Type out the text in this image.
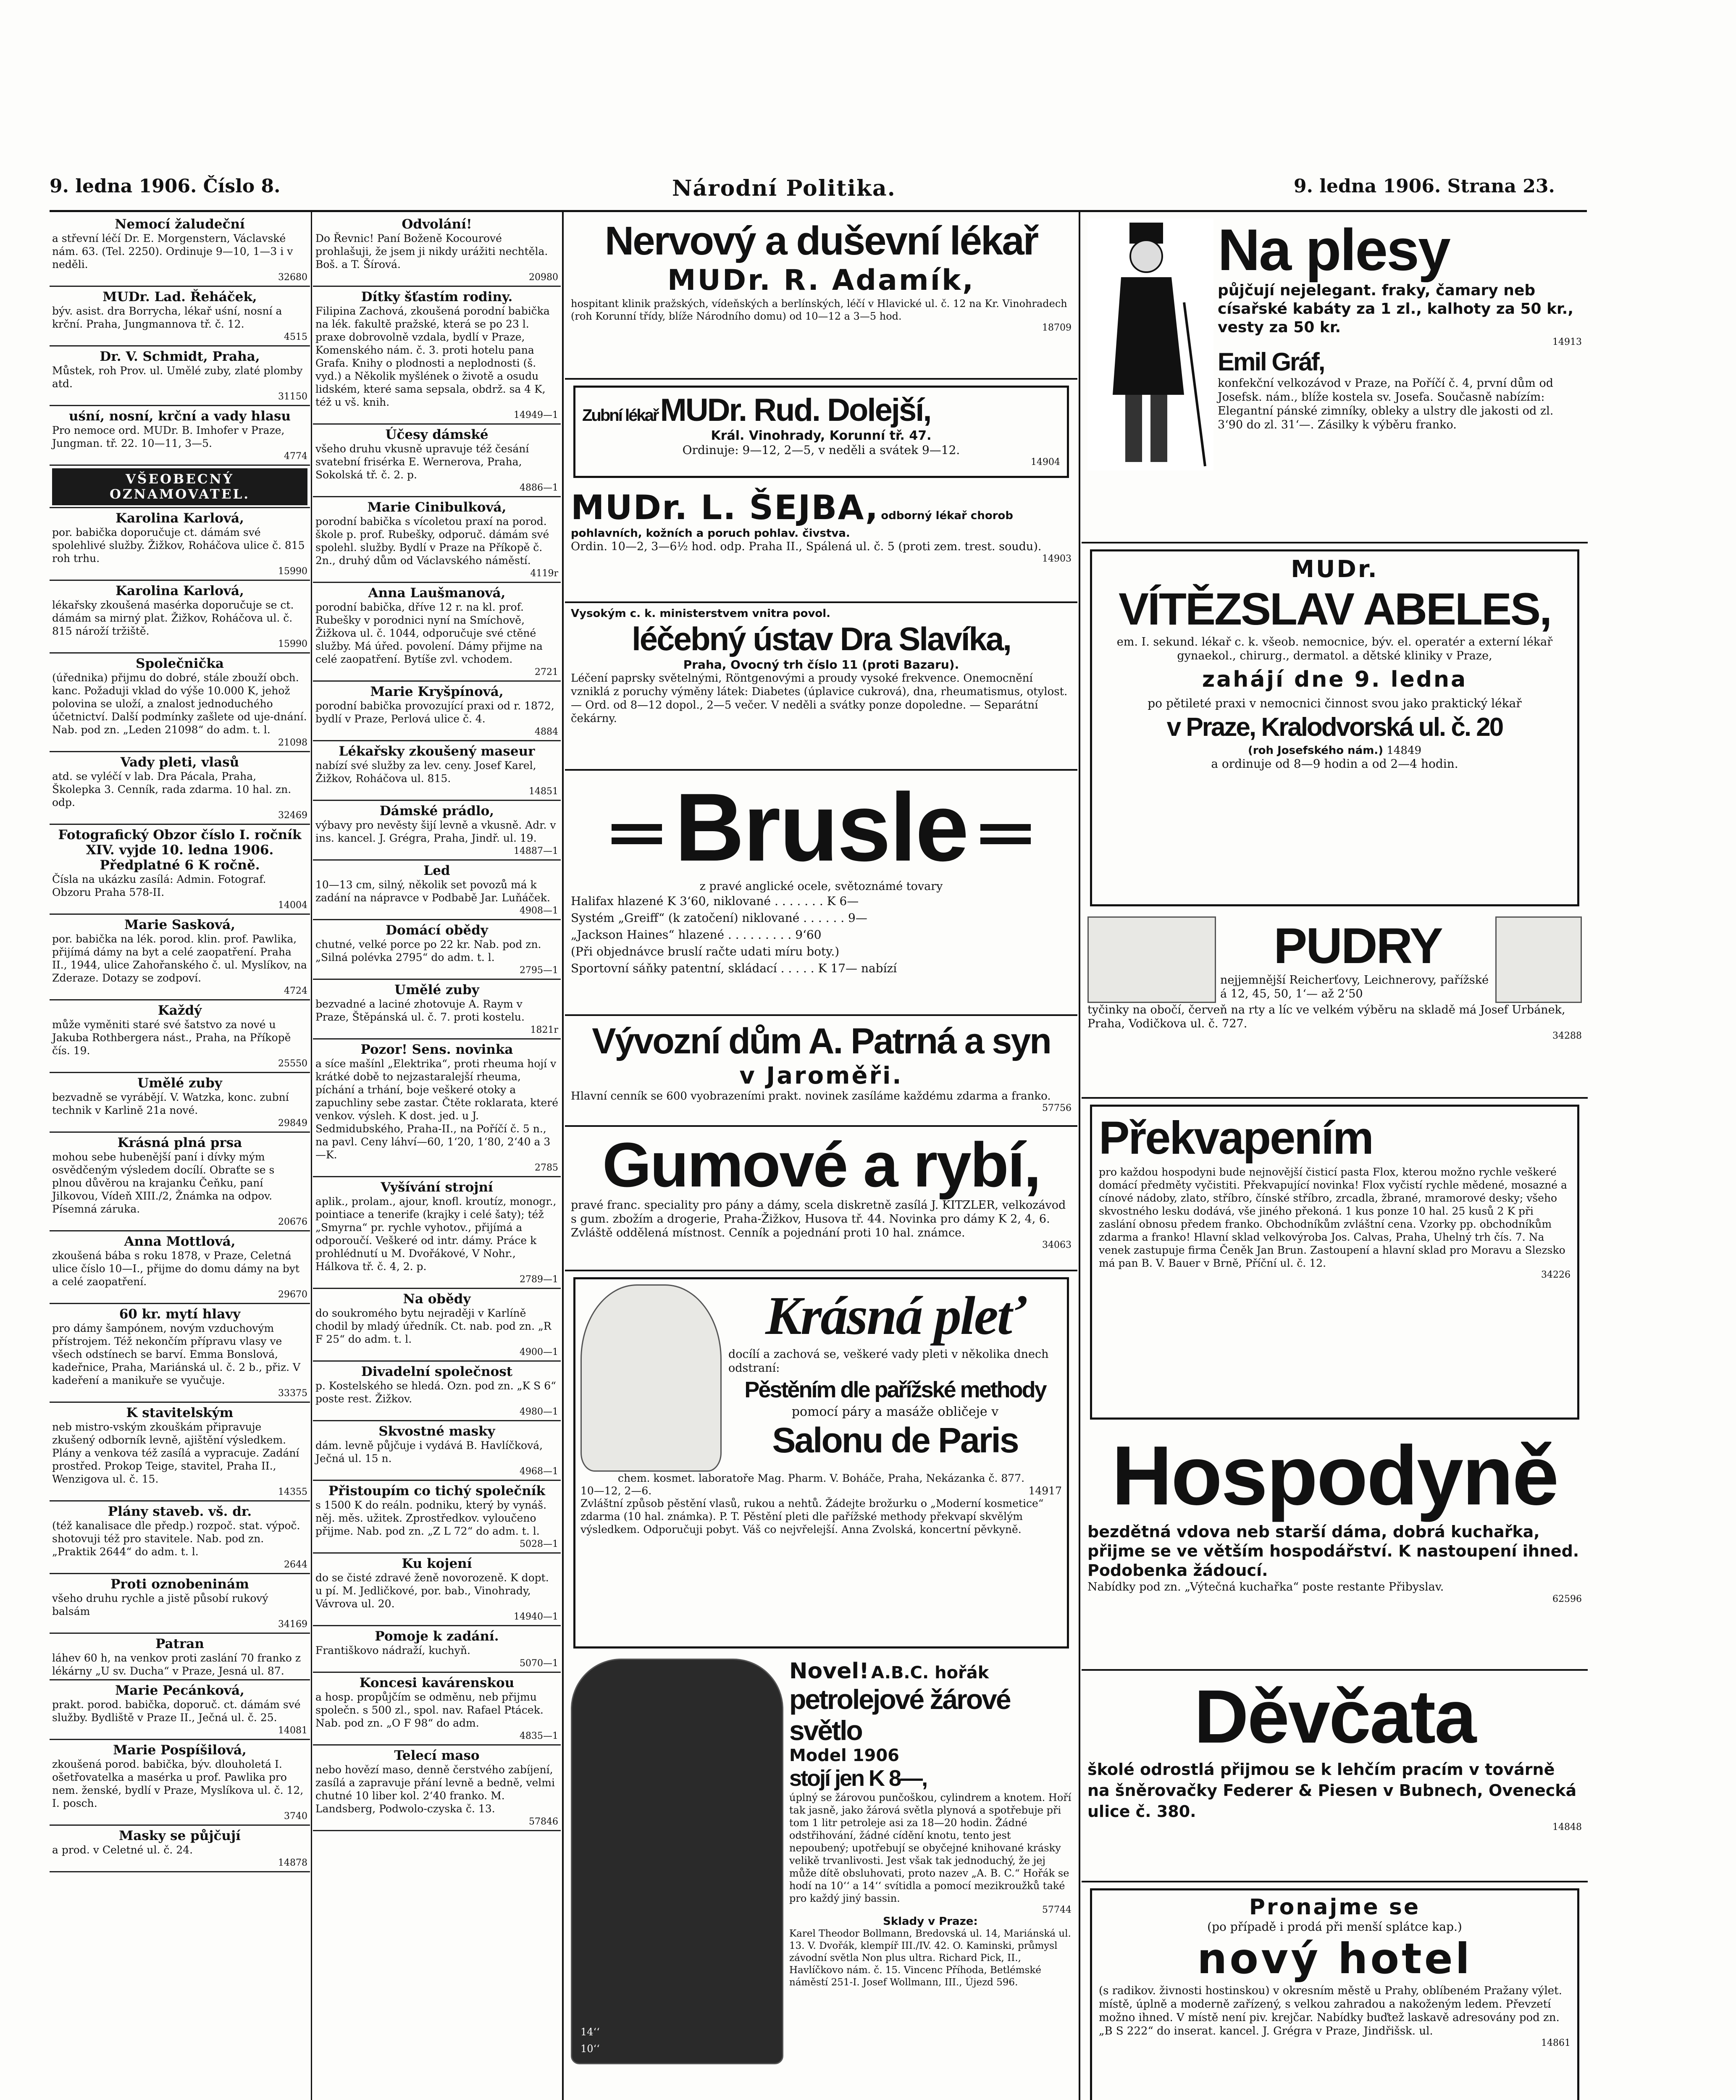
9. ledna 1906. Číslo 8.	Národní Politika.	9. ledna 1906. Strana 23.
Nemocí žaludeční
a střevní léčí Dr. E. Morgenstern, Václavské nám. 63. (Tel. 2250). Ordinuje 9—10, 1—3 i v neděli.
32680
MUDr. Lad. Řeháček,
býv. asist. dra Borrycha, lékař uśní, nosní a krční. Praha, Jungmannova tř. č. 12.
4515
Dr. V. Schmidt, Praha,
Můstek, roh Prov. ul. Umělé zuby, zlaté plomby atd.
31150
uśní, nosní, krční a vady hlasu
Pro nemoce ord. MUDr. B. Imhofer v Praze, Jungman. tř. 22. 10—11, 3—5.
4774
VŠEOBECNÝ OZNAMOVATEL.
Karolina Karlová,
por. babička doporučuje ct. dámám své spolehlivé služby. Žižkov, Roháčova ulice č. 815 roh trhu.
15990
Karolina Karlová,
lékařsky zkoušená masérka doporučuje se ct. dámám sa mirný plat. Žižkov, Roháčova ul. č. 815 nároží tržiště.
15990
Společnička
(úřednika) přijmu do dobré, stále zbouží obch. kanc. Požaduji vklad do výše 10.000 K, jehož polovina se uloží, a znalost jednoduchého účetnictví. Další podmínky zašlete od uje-dnání. Nab. pod zn. „Leden 21098“ do adm. t. l.
21098
Vady pleti, vlasů
atd. se vyléčí v lab. Dra Pácala, Praha, Školepka 3. Cenník, rada zdarma. 10 hal. zn. odp.
32469
Fotografický Obzor číslo I. ročník XIV. vyjde 10. ledna 1906. Předplatné 6 K ročně.
Čísla na ukázku zasílá: Admin. Fotograf. Obzoru Praha 578-II.
14004
Marie Sasková,
por. babička na lék. porod. klin. prof. Pawlika, přijímá dámy na byt a celé zaopatření. Praha II., 1944, ulice Zahořanského č. ul. Myslíkov, na Zderaze. Dotazy se zodpoví.
4724
Každý
může vyměniti staré své šatstvo za nové u Jakuba Rothbergera nást., Praha, na Příkopě čís. 19.
25550
Umělé zuby
bezvadně se vyrábějí. V. Watzka, konc. zubní technik v Karlině 21a nové.
29849
Krásná plná prsa
mohou sebe hubenější paní i dívky mým osvědčeným výsledem docílí. Obraťte se s plnou důvěrou na krajanku Čeňku, paní Jilkovou, Vídeň XIII./2, Žnámka na odpov. Písemná záruka.
20676
Anna Mottlová,
zkoušená bába s roku 1878, v Praze, Celetná ulice číslo 10—I., přijme do domu dámy na byt a celé zaopatření.
29670
60 kr. mytí hlavy
pro dámy šampónem, novým vzduchovým přístrojem. Též nekončím přípravu vlasy ve všech odstínech se barví. Emma Bonslová, kadeřnice, Praha, Mariánská ul. č. 2 b., přiz. V kadeření a manikuře se vyučuje.
33375
K stavitelským
neb mistro-vským zkouškám připravuje zkušený odborník levně, ajištění výsledkem. Plány a venkova též zasílá a vypracuje. Zadání prostřed. Prokop Teige, stavitel, Praha II., Wenzigova ul. č. 15.
14355
Plány staveb. vš. dr.
(též kanalisace dle předp.) rozpoč. stat. výpoč. shotovuji též pro stavitele. Nab. pod zn. „Praktik 2644“ do adm. t. l.
2644
Proti oznobeninám
všeho druhu rychle a jistě působí rukový balsám
34169
Patran
láhev 60 h, na venkov proti zaslání 70 franko z lékárny „U sv. Ducha“ v Praze, Jesná ul. 87.
Marie Pecánková,
prakt. porod. babička, doporuč. ct. dámám své služby. Bydliště v Praze II., Ječná ul. č. 25.
14081
Marie Pospíšilová,
zkoušená porod. babička, býv. dlouholetá I. ošetřovatelka a masérka u prof. Pawlika pro nem. ženské, bydlí v Praze, Myslíkova ul. č. 12, I. posch.
3740
Masky se půjčují
a prod. v Celetné ul. č. 24.
14878
Odvolání!
Do Řevnic! Paní Boženě Kocourové prohlašuji, že jsem ji nikdy urážiti nechtěla. Boš. a T. Šírová.
20980
Dítky šťastím rodiny.
Filipina Zachová, zkoušená porodní babička na lék. fakultě pražské, která se po 23 l. praxe dobrovolně vzdala, bydlí v Praze, Komenského nám. č. 3. proti hotelu pana Grafa. Knihy o plodnosti a neplodnosti (š. vyd.) a Několik myšlének o životě a osudu lidském, které sama sepsala, obdrž. sa 4 K, též u vš. knih.
14949—1
Účesy dámské
všeho druhu vkusně upravuje též česání svatební frisérka E. Wernerova, Praha, Sokolská tř. č. 2. p.
4886—1
Marie Cinibulková,
porodní babička s vícoletou praxí na porod. škole p. prof. Rubešky, odporuč. dámám své spolehl. služby. Bydlí v Praze na Příkopě č. 2n., druhý dům od Václavského náměstí.
4119r
Anna Laušmanová,
porodní babička, dříve 12 r. na kl. prof. Rubešky v porodnici nyní na Smíchově, Žižkova ul. č. 1044, odporučuje své ctěné služby. Má úřed. povolení. Dámy přijme na celé zaopatření. Bytíše zvl. vchodem.
2721
Marie Kryšpínová,
porodní babička provozující praxi od r. 1872, bydlí v Praze, Perlová ulice č. 4.
4884
Lékařsky zkoušený maseur
nabízí své služby za lev. ceny. Josef Karel, Žižkov, Roháčova ul. 815.
14851
Dámské prádlo,
výbavy pro nevěsty šijí levně a vkusně. Adr. v ins. kancel. J. Grégra, Praha, Jindř. ul. 19.
14887—1
Led
10—13 cm, silný, několik set povozů má k zadání na nápravce v Podbabě Jar. Luňáček.
4908—1
Domácí obědy
chutné, velké porce po 22 kr. Nab. pod zn. „Silná polévka 2795“ do adm. t. l.
2795—1
Umělé zuby
bezvadné a laciné zhotovuje A. Raym v Praze, Štěpánská ul. č. 7. proti kostelu.
1821r
Pozor! Sens. novinka
a síce mašínl „Elektrika“, proti rheuma hojí v krátké době to nejzastaralejší rheuma, píchání a trhání, boje veškeré otoky a zapuchliny sebe zastar. Čtěte roklarata, které venkov. výsleh. K dost. jed. u J. Sedmidubského, Praha-II., na Poříčí č. 5 n., na pavl. Ceny láhví—60, 1‘20, 1‘80, 2‘40 a 3—K.
2785
Vyšívání strojní
aplik., prolam., ajour, knofl. kroutíz, monogr., pointiace a tenerife (krajky i celé šaty); též „Smyrna“ pr. rychle vyhotov., přijímá a odporoučí. Veškeré od intr. dámy. Práce k prohlédnutí u M. Dvořákové, V Nohr., Hálkova tř. č. 4, 2. p.
2789—1
Na obědy
do soukromého bytu nejraději v Karlíně chodil by mladý úředník. Ct. nab. pod zn. „R F 25“ do adm. t. l.
4900—1
Divadelní společnost
p. Kostelského se hledá. Ozn. pod zn. „K S 6“ poste rest. Žižkov.
4980—1
Skvostné masky
dám. levně půjčuje i vydává B. Havlíčková, Ječná ul. 15 n.
4968—1
Přistoupím co tichý společník
s 1500 K do reáln. podniku, který by vynáš. něj. měs. užitek. Zprostředkov. vyloučeno přijme. Nab. pod zn. „Z L 72“ do adm. t. l.
5028—1
Ku kojení
do se čisté zdravé ženě novorozeně. K dopt. u pí. M. Jedličkové, por. bab., Vinohrady, Vávrova ul. 20.
14940—1
Pomoje k zadání.
Františkovo nádraží, kuchyň.
5070—1
Koncesi kavárenskou
a hosp. propůjčím se odměnu, neb přijmu společn. s 500 zl., spol. nav. Rafael Ptácek. Nab. pod zn. „O F 98“ do adm.
4835—1
Telecí maso
nebo hovězí maso, denně čerstvého zabíjení, zasílá a zapravuje přání levně a bedně, velmi chutné 10 liber kol. 2‘40 franko. M. Landsberg, Podwolo-czyska č. 13.
57846
Nervový a duševní lékař
MUDr. R. Adamík,

hospitant klinik pražských, vídeňských a berlínských, léčí v Hlavické ul. č. 12 na Kr. Vinohradech (roh Korunní třídy, blíže Národního domu) od 10—12 a 3—5 hod.

18709
Zubní lékař MUDr. Rud. Dolejší,
Král. Vinohrady, Korunní tř. 47.
Ordinuje: 9—12, 2—5, v neděli a svátek 9—12.
14904
MUDr. L. ŠEJBA, odborný lékař chorob pohlavních, kožních a poruch pohlav. čivstva.

Ordin. 10—2, 3—6½ hod. odp. Praha II., Spálená ul. č. 5 (proti zem. trest. soudu).

14903
Vysokým c. k. ministerstvem vnitra povol.
léčebný ústav Dra Slavíka,
Praha, Ovocný trh číslo 11 (proti Bazaru).

Léčení paprsky světelnými, Röntgenovými a proudy vysoké frekvence. Onemocnění vzniklá z poruchy výměny látek: Diabetes (úplavice cukrová), dna, rheumatismus, otylost. — Ord. od 8—12 dopol., 2—5 večer. V neděli a svátky ponze dopoledne. — Separátní čekárny.

Brusle
z pravé anglické ocele, světoznámé tovary
Halifax hlazené K 3‘60, niklované . . . . . . . K 6—
Systém „Greiff“ (k zatočení) niklované . . . . . . 9—
„Jackson Haines“ hlazené . . . . . . . . . 9‘60
(Při objednávce bruslí račte udati míru boty.)
Sportovní sáňky patentní, skládací . . . . . K 17— nabízí
Vývozní dům A. Patrná a syn
v Jaroměři.

Hlavní cenník se 600 vyobrazeními prakt. novinek zasíláme každému zdarma a franko.

57756
Gumové a rybí,

pravé franc. speciality pro pány a dámy, scela diskretně zasílá J. KITZLER, velkozávod s gum. zbožím a drogerie, Praha-Žižkov, Husova tř. 44. Novinka pro dámy K 2, 4, 6. Zvláště oddělená místnost. Cenník a pojednání proti 10 hal. známce.

34063
Krásná pleť

docílí a zachová se, veškeré vady pleti v několika dnech odstraní:

Pěstěním dle pařížské methody
pomocí páry a masáže obličeje v
Salonu de Paris

chem. kosmet. laboratoře Mag. Pharm. V. Boháče, Praha, Nekázanka č. 877.

10—12, 2—6.	14917

Zvláštní způsob pěstění vlasů, rukou a nehtů. Žádejte brožurku o „Moderní kosmetice“ zdarma (10 hal. známka). P. T. Pěstění pleti dle pařížské methody překvapí skvělým výsledkem. Odporučuji pobyt. Váš co nejvřelejší. Anna Zvolská, koncertní pěvkyně.

10‘‘
14‘‘
Novel! A.B.C. hořák
petrolejové žárové světlo
Model 1906
stojí jen K 8—,

úplný se žárovou punčoškou, cylindrem a knotem. Hoří tak jasně, jako žárová světla plynová a spotřebuje při tom 1 litr petroleje asi za 18—20 hodin. Žádné odstřihování, žádné cídění knotu, tento jest nepoubený; upotřebují se obyčejné knihované krásky velikě trvanlivosti. Jest však tak jednoduchý, že jej může dítě obsluhovati, proto nazev „A. B. C.“ Hořák se hodí na 10‘‘ a 14‘‘ svítidla a pomocí mezikroužků také pro každý jiný bassin.

57744
Sklady v Praze:

Karel Theodor Bollmann, Bredovská ul. 14, Mariánská ul. 13. V. Dvořák, klempíř III./IV. 42. O. Kaminski, průmysl závodní světla Non plus ultra. Richard Pick, II., Havlíčkovo nám. č. 15. Vincenc Příhoda, Betlémské náměstí 251-I. Josef Wollmann, III., Újezd 596.

Na plesy

půjčují nejelegant. fraky, čamary neb císařské kabáty za 1 zl., kalhoty za 50 kr., vesty za 50 kr.

14913
Emil Gráf,

konfekční velkozávod v Praze, na Poříčí č. 4, první dům od Josefsk. nám., blíže kostela sv. Josefa. Současně nabízím: Elegantní pánské zimníky, obleky a ulstry dle jakosti od zl. 3‘90 do zl. 31‘—. Zásilky k výběru franko.

MUDr.
VÍTĚZSLAV ABELES,

em. I. sekund. lékař c. k. všeob. nemocnice, býv. el. operatér a externí lékař gynaekol., chirurg., dermatol. a dětské kliniky v Praze,

zahájí dne 9. ledna

po pětileté praxi v nemocnici činnost svou jako praktický lékař

v Praze, Kralodvorská ul. č. 20
(roh Josefského nám.) 14849
a ordinuje od 8—9 hodin a od 2—4 hodin.
PUDRY

nejjemnější Reicherťovy, Leichnerovy, pařížské á 12, 45, 50, 1‘— až 2‘50

tyčinky na obočí, červeň na rty a líc ve velkém výběru na skladě má Josef Urbánek, Praha, Vodičkova ul. č. 727.

34288
Překvapením

pro každou hospodyni bude nejnovější čisticí pasta Flox, kterou možno rychle veškeré domácí předměty vyčistiti. Překvapující novinka! Flox vyčistí rychle mědené, mosazné a cínové nádoby, zlato, stříbro, čínské stříbro, zrcadla, žbrané, mramorové desky; všeho skvostného lesku dodává, vše jiného překoná. 1 kus ponze 10 hal. 25 kusů 2 K při zaslání obnosu předem franko. Obchodníkům zvláštní cena. Vzorky pp. obchodníkům zdarma a franko! Hlavní sklad velkovýroba Jos. Calvas, Praha, Uhelný trh čís. 7. Na venek zastupuje firma Čeněk Jan Brun. Zastoupení a hlavní sklad pro Moravu a Slezsko má pan B. V. Bauer v Brně, Příční ul. č. 12.

34226
Hospodyně

bezdětná vdova neb starší dáma, dobrá kuchařka, přijme se ve větším hospodářství. K nastoupení ihned. Podobenka žádoucí.

Nabídky pod zn. „Výtečná kuchařka“ poste restante Přibyslav.

62596
Děvčata

školé odrostlá přijmou se k lehčím pracím v továrně na šněrovačky Federer & Piesen v Bubnech, Ovenecká ulice č. 380.

14848
Pronajme se
(po případě i prodá při menší splátce kap.)
nový hotel

(s radikov. živnosti hostinskou) v okresním městě u Prahy, oblíbeném Pražany výlet. místě, úplně a moderně zařízený, s velkou zahradou a nakoženým ledem. Převzetí možno ihned. V místě není piv. krejčar. Nabídky buďtež laskavě adresovány pod zn. „B S 222“ do inserat. kancel. J. Grégra v Praze, Jindřišsk. ul.

14861
